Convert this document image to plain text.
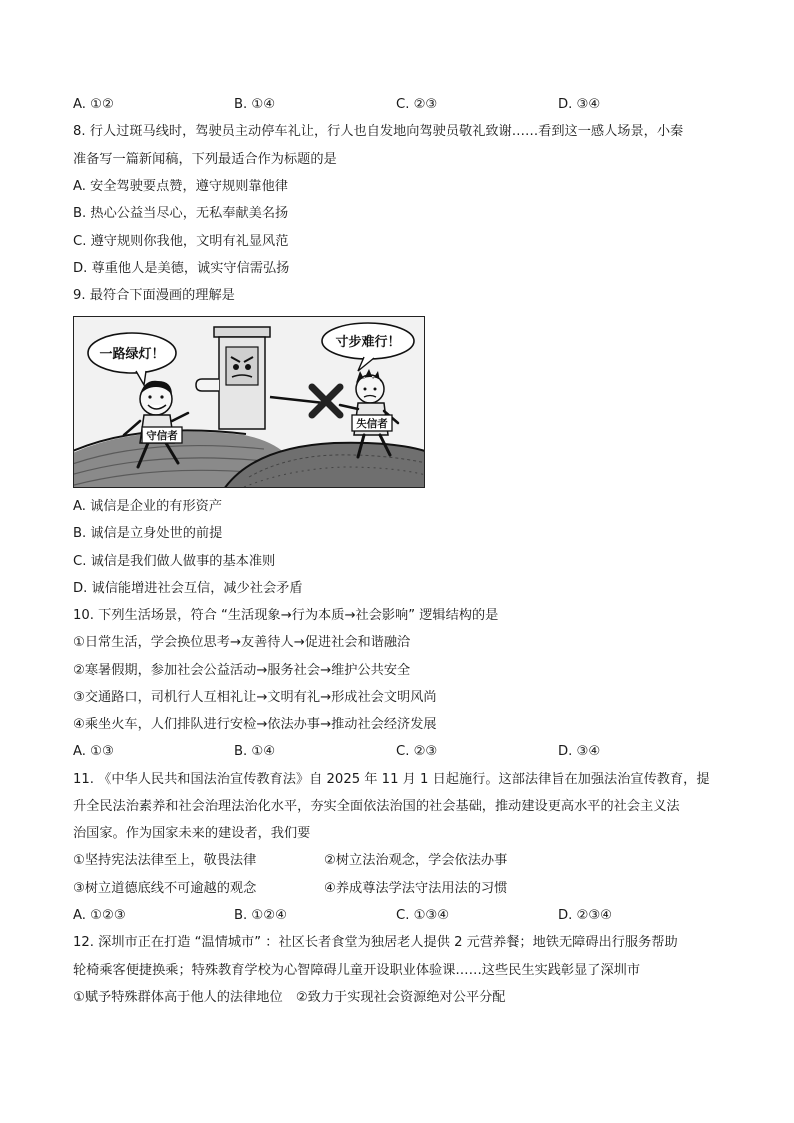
A. ①②	B. ①④	C. ②③	D. ③④
8. 行人过斑马线时，驾驶员主动停车礼让，行人也自发地向驾驶员敬礼致谢……看到这一感人场景，小秦
准备写一篇新闻稿，下列最适合作为标题的是
A. 安全驾驶要点赞，遵守规则靠他律
B. 热心公益当尽心，无私奉献美名扬
C. 遵守规则你我他，文明有礼显风范
D. 尊重他人是美德，诚实守信需弘扬
9. 最符合下面漫画的理解是
一路绿灯！
寸步难行！
守信者
失信者
A. 诚信是企业的有形资产
B. 诚信是立身处世的前提
C. 诚信是我们做人做事的基本准则
D. 诚信能增进社会互信，减少社会矛盾
10. 下列生活场景，符合 “生活现象→行为本质→社会影响” 逻辑结构的是
①日常生活，学会换位思考→友善待人→促进社会和谐融洽
②寒暑假期，参加社会公益活动→服务社会→维护公共安全
③交通路口，司机行人互相礼让→文明有礼→形成社会文明风尚
④乘坐火车，人们排队进行安检→依法办事→推动社会经济发展
A. ①③	B. ①④	C. ②③	D. ③④
11. 《中华人民共和国法治宣传教育法》自 2025 年 11 月 1 日起施行。这部法律旨在加强法治宣传教育，提
升全民法治素养和社会治理法治化水平，夯实全面依法治国的社会基础，推动建设更高水平的社会主义法
治国家。作为国家未来的建设者，我们要
①坚持宪法法律至上，敬畏法律	②树立法治观念，学会依法办事
③树立道德底线不可逾越的观念	④养成尊法学法守法用法的习惯
A. ①②③	B. ①②④	C. ①③④	D. ②③④
12. 深圳市正在打造 “温情城市” ：社区长者食堂为独居老人提供 2 元营养餐；地铁无障碍出行服务帮助
轮椅乘客便捷换乘；特殊教育学校为心智障碍儿童开设职业体验课……这些民生实践彰显了深圳市
①赋予特殊群体高于他人的法律地位　②致力于实现社会资源绝对公平分配
